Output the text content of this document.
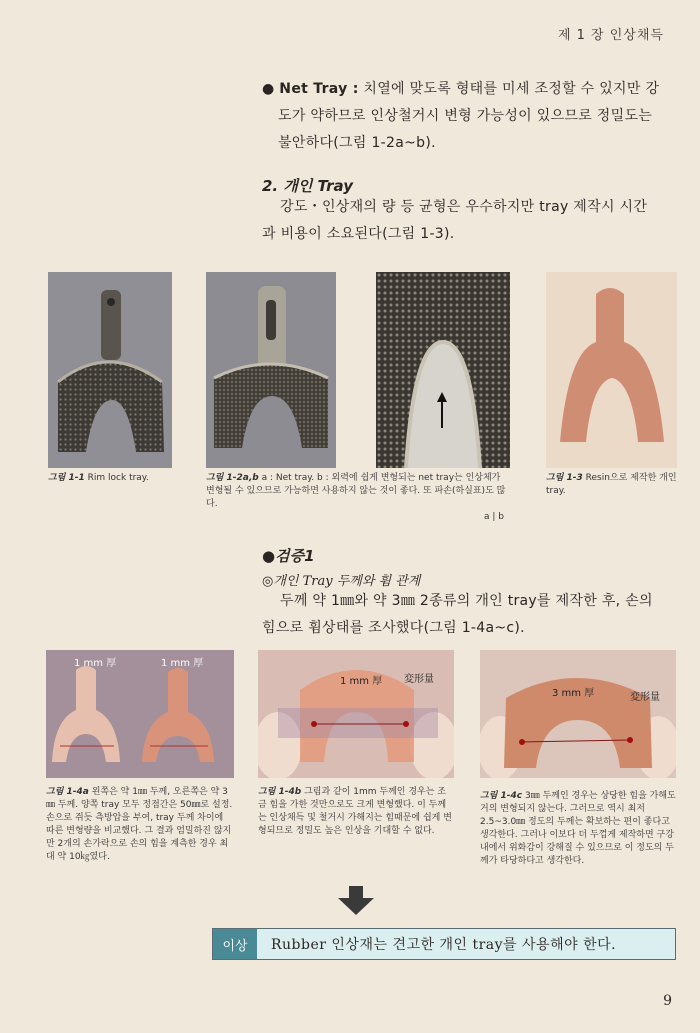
제 1 장 인상채득
● Net Tray : 치열에 맞도록 형태를 미세 조정할 수 있지만 강
도가 약하므로 인상철거시 변형 가능성이 있으므로 정밀도는
불안하다(그림 1-2a~b).
2. 개인 Tray
강도・인상재의 량 등 균형은 우수하지만 tray 제작시 시간
과 비용이 소요된다(그림 1-3).
그림 1-1 Rim lock tray.	그림 1-2a,b a : Net tray. b : 외력에 쉽게 변형되는 net tray는 인상체가 변형될 수 있으므로 가능하면 사용하지 않는 것이 좋다. 또 파손(하실표)도 많다.
a | b
그림 1-3 Resin으로 제작한 개인 tray.
●검증1
◎개인 Tray 두께와 휨 관계
두께 약 1㎜와 약 3㎜ 2종류의 개인 tray를 제작한 후, 손의
힘으로 휨상태를 조사했다(그림 1-4a~c).
1 mm 厚	1 mm 厚
1 mm 厚 変形量
3 mm 厚	変形量
그림 1-4a 왼쪽은 약 1㎜ 두께, 오른쪽은 약 3㎜ 두께. 양쪽 tray 모두 정점간은 50㎜로 설정. 손으로 쥐듯 측방압을 부여, tray 두께 차이에 따른 변형량을 비교했다. 그 결과 엄밀하진 않지만 2개의 손가락으로 손의 힘을 계측한 경우 최대 약 10㎏였다.
그림 1-4b 그림과 같이 1mm 두께인 경우는 조금 힘을 가한 것만으로도 크게 변형했다. 이 두께는 인상채득 및 철거시 가해지는 힘때문에 쉽게 변형되므로 정밀도 높은 인상을 기대할 수 없다.
그림 1-4c 3㎜ 두께인 경우는 상당한 힘을 가해도 거의 변형되지 않는다. 그러므로 역시 최저 2.5~3.0㎜ 정도의 두께는 확보하는 편이 좋다고 생각한다. 그러나 이보다 더 두껍게 제작하면 구강내에서 위화감이 강해질 수 있으므로 이 정도의 두께가 타당하다고 생각한다.
이상	Rubber 인상재는 견고한 개인 tray를 사용해야 한다.
9
